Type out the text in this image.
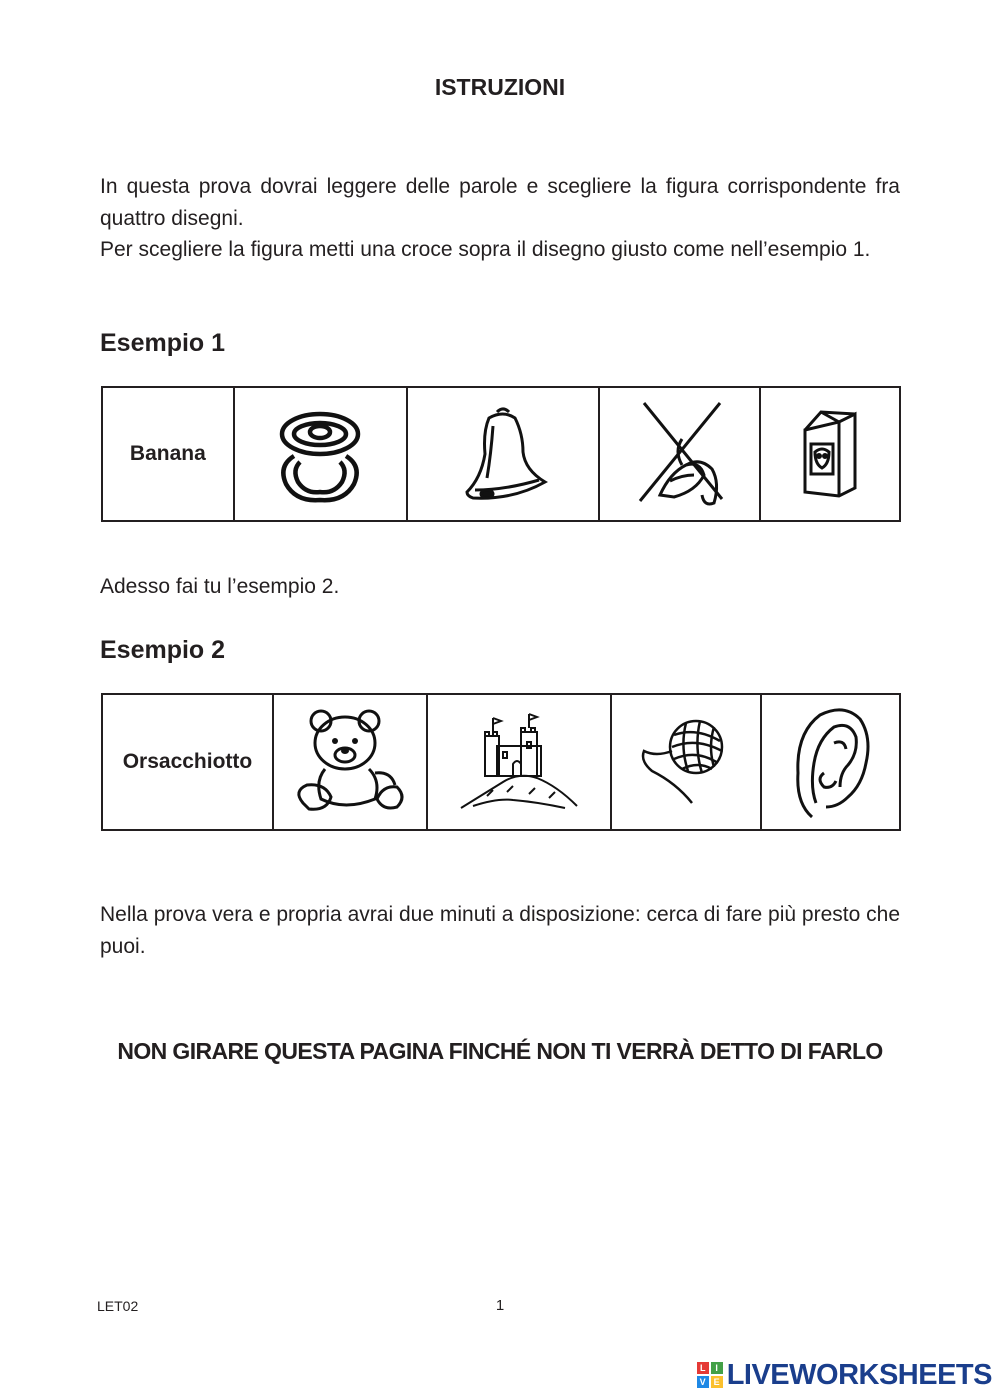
ISTRUZIONI

In questa prova dovrai leggere delle parole e scegliere la figura corrispondente fra quattro disegni.

Per scegliere la figura metti una croce sopra il disegno giusto come nell’esempio 1.

Esempio 1
Banana	

Adesso fai tu l’esempio 2.

Esempio 2
Orsacchiotto	

Nella prova vera e propria avrai due minuti a disposizione: cerca di fare più presto che puoi.

NON GIRARE QUESTA PAGINA FINCHÉ NON TI VERRÀ DETTO DI FARLO

LET02	1

L	I
V E LIVEWORKSHEETS
